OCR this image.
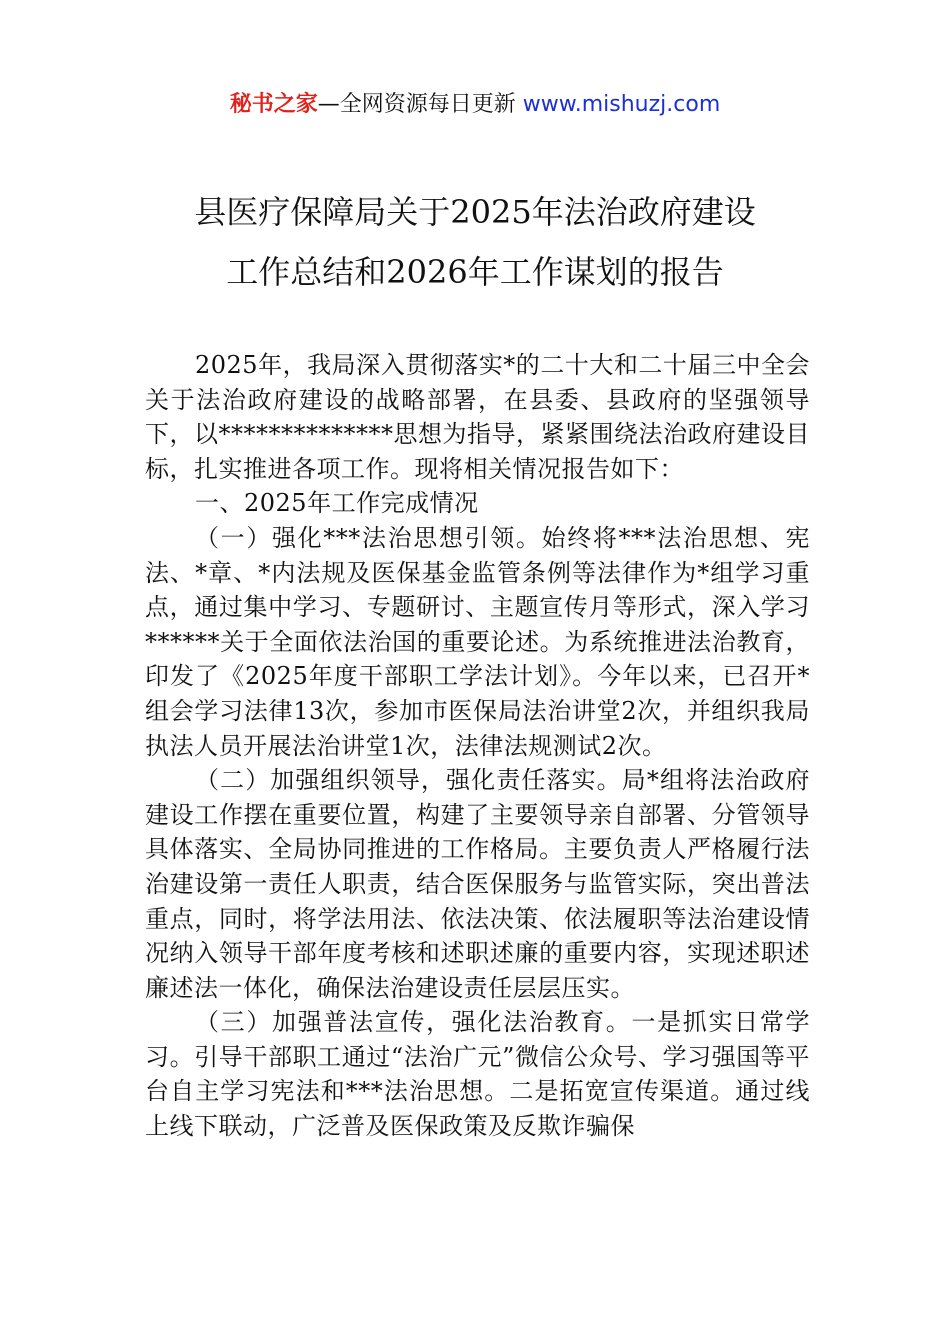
秘书之家—全网资源每日更新 www.mishuzj.com
县医疗保障局关于2025年法治政府建设
工作总结和2026年工作谋划的报告

2025年，我局深入贯彻落实*的二十大和二十届三中全会关于法治政府建设的战略部署，在县委、县政府的坚强领导下，以**************思想为指导，紧紧围绕法治政府建设目标，扎实推进各项工作。现将相关情况报告如下：

一、2025年工作完成情况

（一）强化***法治思想引领。始终将***法治思想、宪法、*章、*内法规及医保基金监管条例等法律作为*组学习重点，通过集中学习、专题研讨、主题宣传月等形式，深入学习******关于全面依法治国的重要论述。为系统推进法治教育，印发了《2025年度干部职工学法计划》。今年以来，已召开*组会学习法律13次，参加市医保局法治讲堂2次，并组织我局执法人员开展法治讲堂1次，法律法规测试2次。

（二）加强组织领导，强化责任落实。局*组将法治政府建设工作摆在重要位置，构建了主要领导亲自部署、分管领导具体落实、全局协同推进的工作格局。主要负责人严格履行法治建设第一责任人职责，结合医保服务与监管实际，突出普法重点，同时，将学法用法、依法决策、依法履职等法治建设情况纳入领导干部年度考核和述职述廉的重要内容，实现述职述廉述法一体化，确保法治建设责任层层压实。

（三）加强普法宣传，强化法治教育。一是抓实日常学习。引导干部职工通过“法治广元”微信公众号、学习强国等平台自主学习宪法和***法治思想。二是拓宽宣传渠道。通过线上线下联动，广泛普及医保政策及反欺诈骗保
